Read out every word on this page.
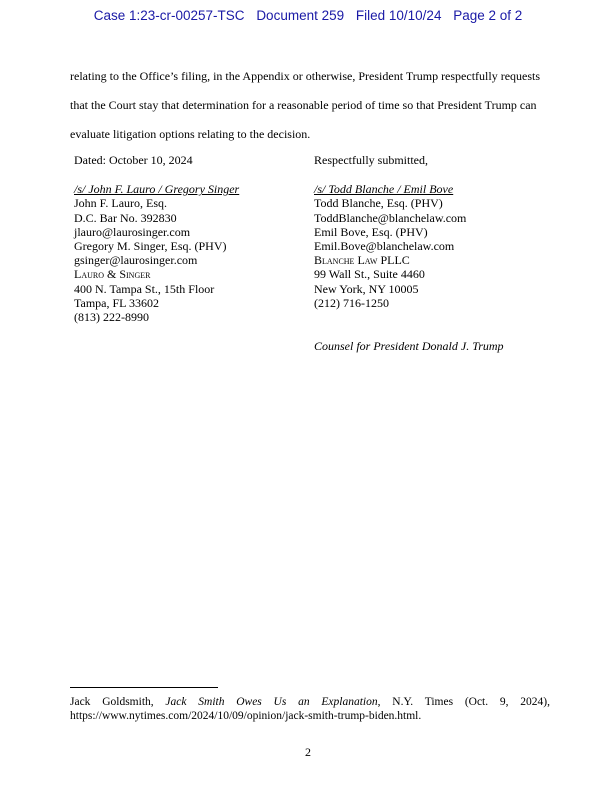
Case 1:23-cr-00257-TSC Document 259 Filed 10/10/24 Page 2 of 2
relating to the Office’s filing, in the Appendix or otherwise, President Trump respectfully requests that the Court stay that determination for a reasonable period of time so that President Trump can evaluate litigation options relating to the decision.
Dated: October 10, 2024
/s/ John F. Lauro / Gregory Singer
John F. Lauro, Esq.
D.C. Bar No. 392830
jlauro@laurosinger.com
Gregory M. Singer, Esq. (PHV)
gsinger@laurosinger.com
Lauro & Singer
400 N. Tampa St., 15th Floor
Tampa, FL 33602
(813) 222-8990
Respectfully submitted,
/s/ Todd Blanche / Emil Bove
Todd Blanche, Esq. (PHV)
ToddBlanche@blanchelaw.com
Emil Bove, Esq. (PHV)
Emil.Bove@blanchelaw.com
Blanche Law PLLC
99 Wall St., Suite 4460
New York, NY 10005
(212) 716-1250
Counsel for President Donald J. Trump
Jack Goldsmith, Jack Smith Owes Us an Explanation, N.Y. Times (Oct. 9, 2024),
https://www.nytimes.com/2024/10/09/opinion/jack-smith-trump-biden.html.
2
